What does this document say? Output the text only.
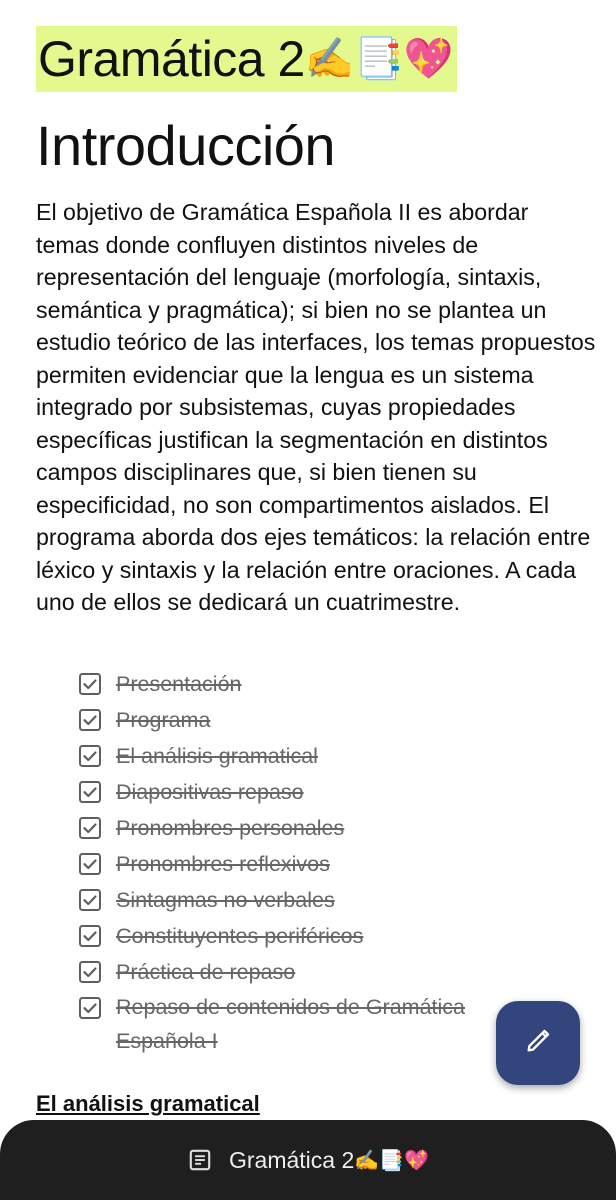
Gramática 2✍️📑💖
Introducción
El objetivo de Gramática Española II es abordar temas donde confluyen distintos niveles de representación del lenguaje (morfología, sintaxis, semántica y pragmática); si bien no se plantea un estudio teórico de las interfaces, los temas propuestos permiten evidenciar que la lengua es un sistema integrado por subsistemas, cuyas propiedades específicas justifican la segmentación en distintos campos disciplinares que, si bien tienen su especificidad, no son compartimentos aislados. El programa aborda dos ejes temáticos: la relación entre léxico y sintaxis y la relación entre oraciones. A cada uno de ellos se dedicará un cuatrimestre.
Presentación
Programa
El análisis gramatical
Diapositivas repaso
Pronombres personales
Pronombres reflexivos
Sintagmas no verbales
Constituyentes periféricos
Práctica de repaso
Repaso de contenidos de Gramática Española I
El análisis gramatical
Gramática 2 ✍️📑💖
